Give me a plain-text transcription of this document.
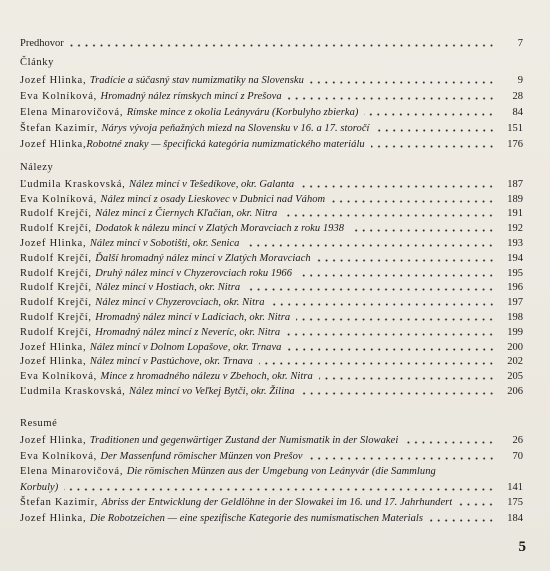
Predhovor	7
Články
Jozef Hlinka, Tradície a súčasný stav numizmatiky na Slovensku	9
Eva Kolníková, Hromadný nález rímskych mincí z Prešova	28
Elena Minarovičová, Rímske mince z okolia Leányváru (Korbulyho zbierka)	84
Štefan Kazimír, Nárys vývoja peňažných miezd na Slovensku v 16. a 17. storočí	151
Jozef Hlinka,Robotné znaky — špecifická kategória numizmatického materiálu	176
Nálezy
Ľudmila Kraskovská, Nález mincí v Tešedíkove, okr. Galanta	187
Eva Kolníková, Nález mincí z osady Lieskovec v Dubnici nad Váhom	189
Rudolf Krejčí, Nález mincí z Čiernych Kľačian, okr. Nitra	191
Rudolf Krejčí, Dodatok k nálezu mincí v Zlatých Moravciach z roku 1938	192
Jozef Hlinka, Nález mincí v Sobotišti, okr. Senica	193
Rudolf Krejčí, Ďalší hromadný nález mincí v Zlatých Moravciach	194
Rudolf Krejčí, Druhý nález mincí v Chyzerovciach roku 1966	195
Rudolf Krejčí, Nález mincí v Hostiach, okr. Nitra	196
Rudolf Krejčí, Nález mincí v Chyzerovciach, okr. Nitra	197
Rudolf Krejčí, Hromadný nález mincí v Ladiciach, okr. Nitra	198
Rudolf Krejčí, Hromadný nález mincí z Neveríc, okr. Nitra	199
Jozef Hlinka, Nález mincí v Dolnom Lopašove, okr. Trnava	200
Jozef Hlinka, Nález mincí v Pastúchove, okr. Trnava	202
Eva Kolníková, Mince z hromadného nálezu v Zbehoch, okr. Nitra	205
Ľudmila Kraskovská, Nález mincí vo Veľkej Bytči, okr. Žilina	206
Resumé
Jozef Hlinka, Traditionen und gegenwärtiger Zustand der Numismatik in der Slowakei	26
Eva Kolníková, Der Massenfund römischer Münzen von Prešov	70
Elena Minarovičová, Die römischen Münzen aus der Umgebung von Leányvár (die Sammlung
Korbuly)	141
Štefan Kazimír, Abriss der Entwicklung der Geldlöhne in der Slowakei im 16. und 17. Jahrhundert	175
Jozef Hlinka, Die Robotzeichen — eine spezifische Kategorie des numismatischen Materials	184
5
